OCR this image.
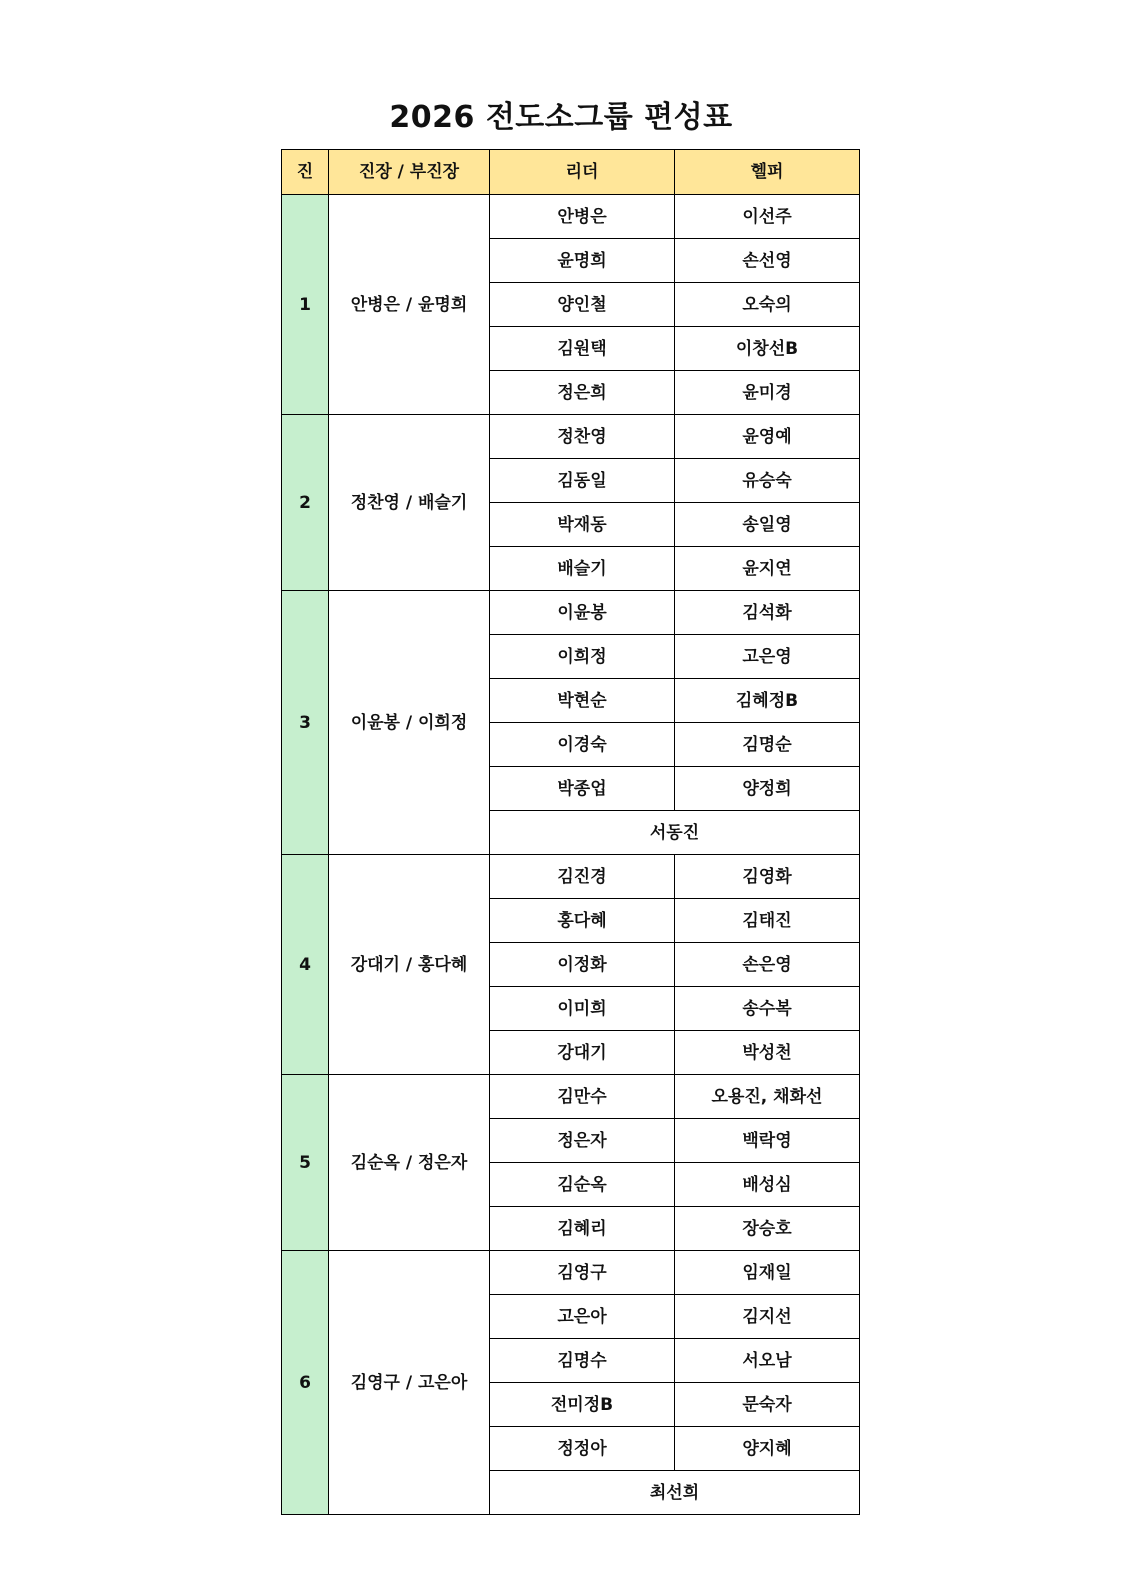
2026 전도소그룹 편성표
진	진장 / 부진장	리더	헬퍼
1	안병은 / 윤명희	안병은	이선주
		윤명희	손선영
		양인철	오숙의
		김원택	이창선B
		정은희	윤미경
2	정찬영 / 배슬기	정찬영	윤영예
		김동일	유승숙
		박재동	송일영
		배슬기	윤지연
3	이윤봉 / 이희정	이윤봉	김석화
		이희정	고은영
		박현순	김혜정B
		이경숙	김명순
		박종업	양정희
		서동진	
4	강대기 / 홍다혜	김진경	김영화
		홍다혜	김태진
		이정화	손은영
		이미희	송수복
		강대기	박성천
5	김순옥 / 정은자	김만수	오용진, 채화선
		정은자	백락영
		김순옥	배성심
		김혜리	장승호
6	김영구 / 고은아	김영구	임재일
		고은아	김지선
		김명수	서오남
		전미정B	문숙자
		정정아	양지혜
		최선희	
